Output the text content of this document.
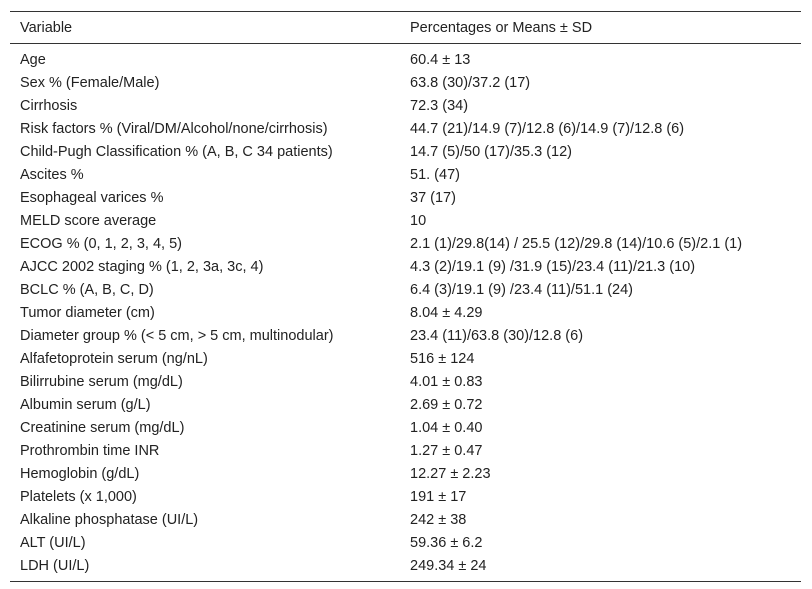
Variable	Percentages or Means ± SD
Age	60.4 ± 13
Sex % (Female/Male)	63.8 (30)/37.2 (17)
Cirrhosis	72.3 (34)
Risk factors % (Viral/DM/Alcohol/none/cirrhosis)	44.7 (21)/14.9 (7)/12.8 (6)/14.9 (7)/12.8 (6)
Child-Pugh Classification % (A, B, C 34 patients)	14.7 (5)/50 (17)/35.3 (12)
Ascites %	51. (47)
Esophageal varices %	37 (17)
MELD score average	10
ECOG % (0, 1, 2, 3, 4, 5)	2.1 (1)/29.8(14) / 25.5 (12)/29.8 (14)/10.6 (5)/2.1 (1)
AJCC 2002 staging % (1, 2, 3a, 3c, 4)	4.3 (2)/19.1 (9) /31.9 (15)/23.4 (11)/21.3 (10)
BCLC % (A, B, C, D)	6.4 (3)/19.1 (9) /23.4 (11)/51.1 (24)
Tumor diameter (cm)	8.04 ± 4.29
Diameter group % (< 5 cm, > 5 cm, multinodular)	23.4 (11)/63.8 (30)/12.8 (6)
Alfafetoprotein serum (ng/nL)	516 ± 124
Bilirrubine serum (mg/dL)	4.01 ± 0.83
Albumin serum (g/L)	2.69 ± 0.72
Creatinine serum (mg/dL)	1.04 ± 0.40
Prothrombin time INR	1.27 ± 0.47
Hemoglobin (g/dL)	12.27 ± 2.23
Platelets (x 1,000)	191 ± 17
Alkaline phosphatase (UI/L)	242 ± 38
ALT (UI/L)	59.36 ± 6.2
LDH (UI/L)	249.34 ± 24
